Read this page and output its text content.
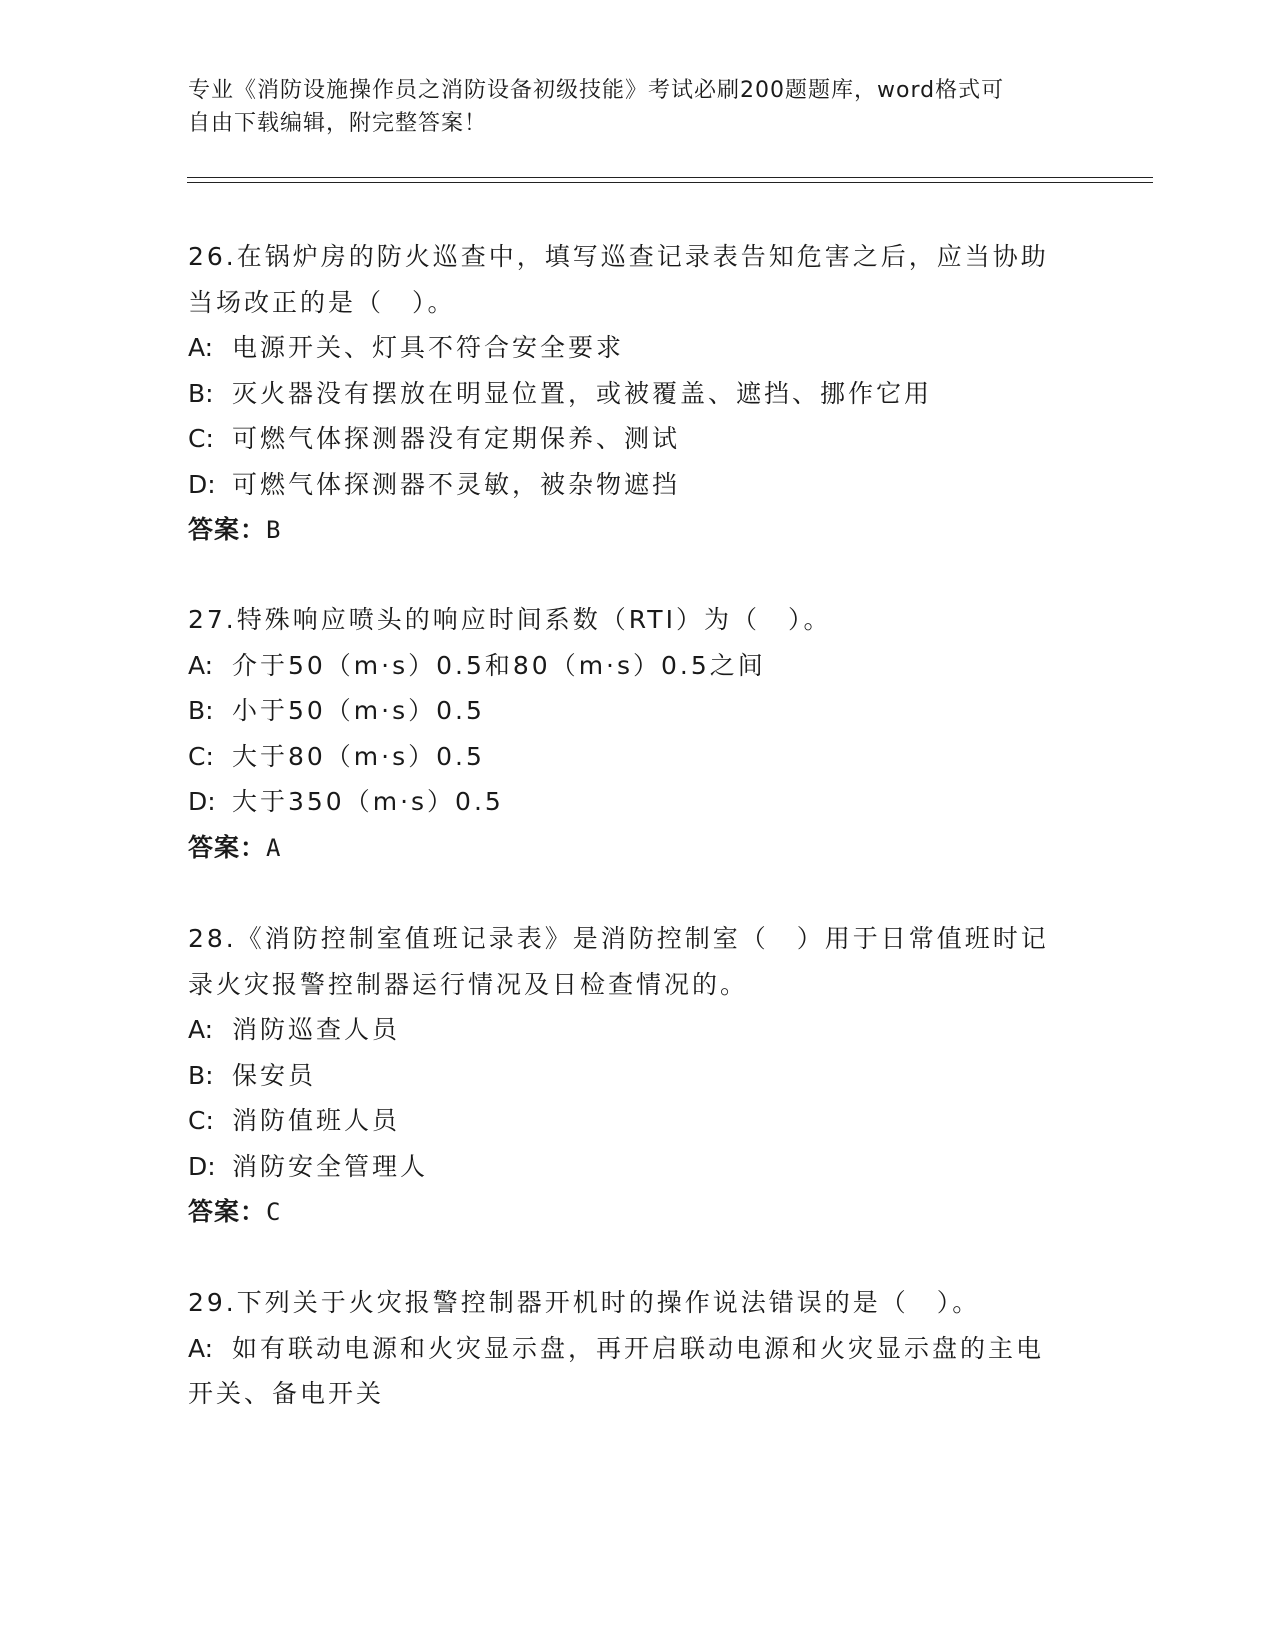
专业《消防设施操作员之消防设备初级技能》考试必刷200题题库，word格式可
自由下载编辑，附完整答案！
26.在锅炉房的防火巡查中，填写巡查记录表告知危害之后，应当协助
当场改正的是（　）。
A: 电源开关、灯具不符合安全要求
B: 灭火器没有摆放在明显位置，或被覆盖、遮挡、挪作它用
C: 可燃气体探测器没有定期保养、测试
D: 可燃气体探测器不灵敏，被杂物遮挡
答案：B
27.特殊响应喷头的响应时间系数（RTI）为（　）。
A: 介于50（m·s）0.5和80（m·s）0.5之间
B: 小于50（m·s）0.5
C: 大于80（m·s）0.5
D: 大于350（m·s）0.5
答案：A
28.《消防控制室值班记录表》是消防控制室（　）用于日常值班时记
录火灾报警控制器运行情况及日检查情况的。
A: 消防巡查人员
B: 保安员
C: 消防值班人员
D: 消防安全管理人
答案：C
29.下列关于火灾报警控制器开机时的操作说法错误的是（　）。
A: 如有联动电源和火灾显示盘，再开启联动电源和火灾显示盘的主电
开关、备电开关
